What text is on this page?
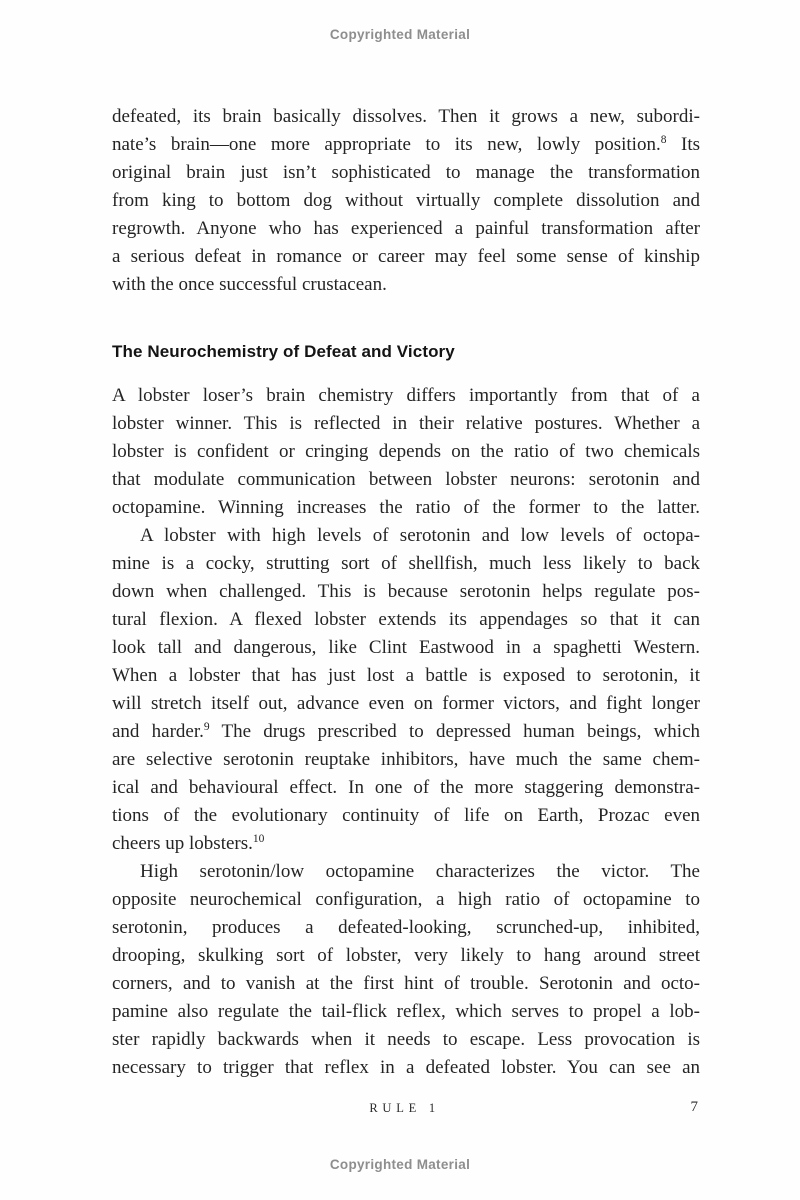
Copyrighted Material
defeated, its brain basically dissolves. Then it grows a new, subordi-
nate’s brain—one more appropriate to its new, lowly position.$^8$ Its
original brain just isn’t sophisticated to manage the transformation
from king to bottom dog without virtually complete dissolution and
regrowth. Anyone who has experienced a painful transformation after
a serious defeat in romance or career may feel some sense of kinship
with the once successful crustacean.
The Neurochemistry of Defeat and Victory
A lobster loser’s brain chemistry differs importantly from that of a
lobster winner. This is reflected in their relative postures. Whether a
lobster is confident or cringing depends on the ratio of two chemicals
that modulate communication between lobster neurons: serotonin and
octopamine. Winning increases the ratio of the former to the latter.
A lobster with high levels of serotonin and low levels of octopa-
mine is a cocky, strutting sort of shellfish, much less likely to back
down when challenged. This is because serotonin helps regulate pos-
tural flexion. A flexed lobster extends its appendages so that it can
look tall and dangerous, like Clint Eastwood in a spaghetti Western.
When a lobster that has just lost a battle is exposed to serotonin, it
will stretch itself out, advance even on former victors, and fight longer
and harder.$^9$ The drugs prescribed to depressed human beings, which
are selective serotonin reuptake inhibitors, have much the same chem-
ical and behavioural effect. In one of the more staggering demonstra-
tions of the evolutionary continuity of life on Earth, Prozac even
cheers up lobsters.$^{10}$
High serotonin/low octopamine characterizes the victor. The
opposite neurochemical configuration, a high ratio of octopamine to
serotonin, produces a defeated-looking, scrunched-up, inhibited,
drooping, skulking sort of lobster, very likely to hang around street
corners, and to vanish at the first hint of trouble. Serotonin and octo-
pamine also regulate the tail-flick reflex, which serves to propel a lob-
ster rapidly backwards when it needs to escape. Less provocation is
necessary to trigger that reflex in a defeated lobster. You can see an
RULE 1	7
Copyrighted Material
